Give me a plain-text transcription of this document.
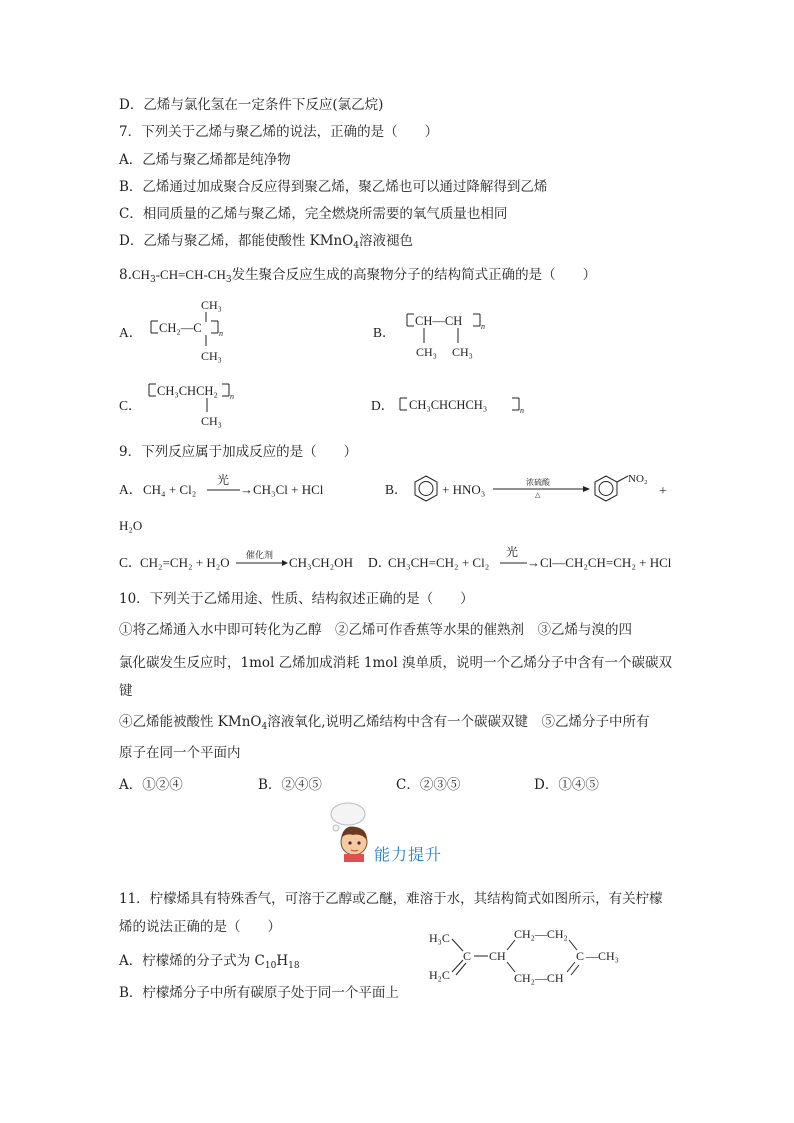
D．乙烯与氯化氢在一定条件下反应(氯乙烷)
7．下列关于乙烯与聚乙烯的说法，正确的是（　　）
A．乙烯与聚乙烯都是纯净物
B．乙烯通过加成聚合反应得到聚乙烯，聚乙烯也可以通过降解得到乙烯
C．相同质量的乙烯与聚乙烯，完全燃烧所需要的氧气质量也相同
D．乙烯与聚乙烯，都能使酸性 KMnO$_4$溶液褪色
$8.CH_3-CH=CH-CH_3$发生聚合反应生成的高聚物分子的结构简式正确的是（　　）
A． CH₂—C n
CH₃
CH₃
B．
CH—CH n
CH₃ CH₃
C．
CH₃CHCH₂ n
CH₃
D． CH₃CHCHCH₃	n
9．下列反应属于加成反应的是（　　）
A． CH₄ + Cl₂
光
→CH₃Cl + HCl	B．	+ HNO₃	浓硫酸
△
NO₂
+
H₂O
C．
CH₂=CH₂ + H₂O 催化剂 CH₃CH₂OH D．
CH₃CH=CH₂ + Cl₂
光
→Cl—CH₂CH=CH₂ + HCl
10．下列关于乙烯用途、性质、结构叙述正确的是（　　）
①将乙烯通入水中即可转化为乙醇　②乙烯可作香蕉等水果的催熟剂　③乙烯与溴的四
氯化碳发生反应时，1mol 乙烯加成消耗 1mol 溴单质，说明一个乙烯分子中含有一个碳碳双
键
④乙烯能被酸性 KMnO$_4$溶液氧化,说明乙烯结构中含有一个碳碳双键　⑤乙烯分子中所有
原子在同一个平面内
A．①②④	B．②④⑤	C．②③⑤	D．①④⑤
能力提升
11．柠檬烯具有特殊香气，可溶于乙醇或乙醚，难溶于水，其结构简式如图所示，有关柠檬
烯的说法正确的是（　　）
A．柠檬烯的分子式为 $C_{10}H_{18}$
B．柠檬烯分子中所有碳原子处于同一个平面上
H₃C
H₂C
C CH
CH₂—CH₂
CH₂—CH
C —CH₃
